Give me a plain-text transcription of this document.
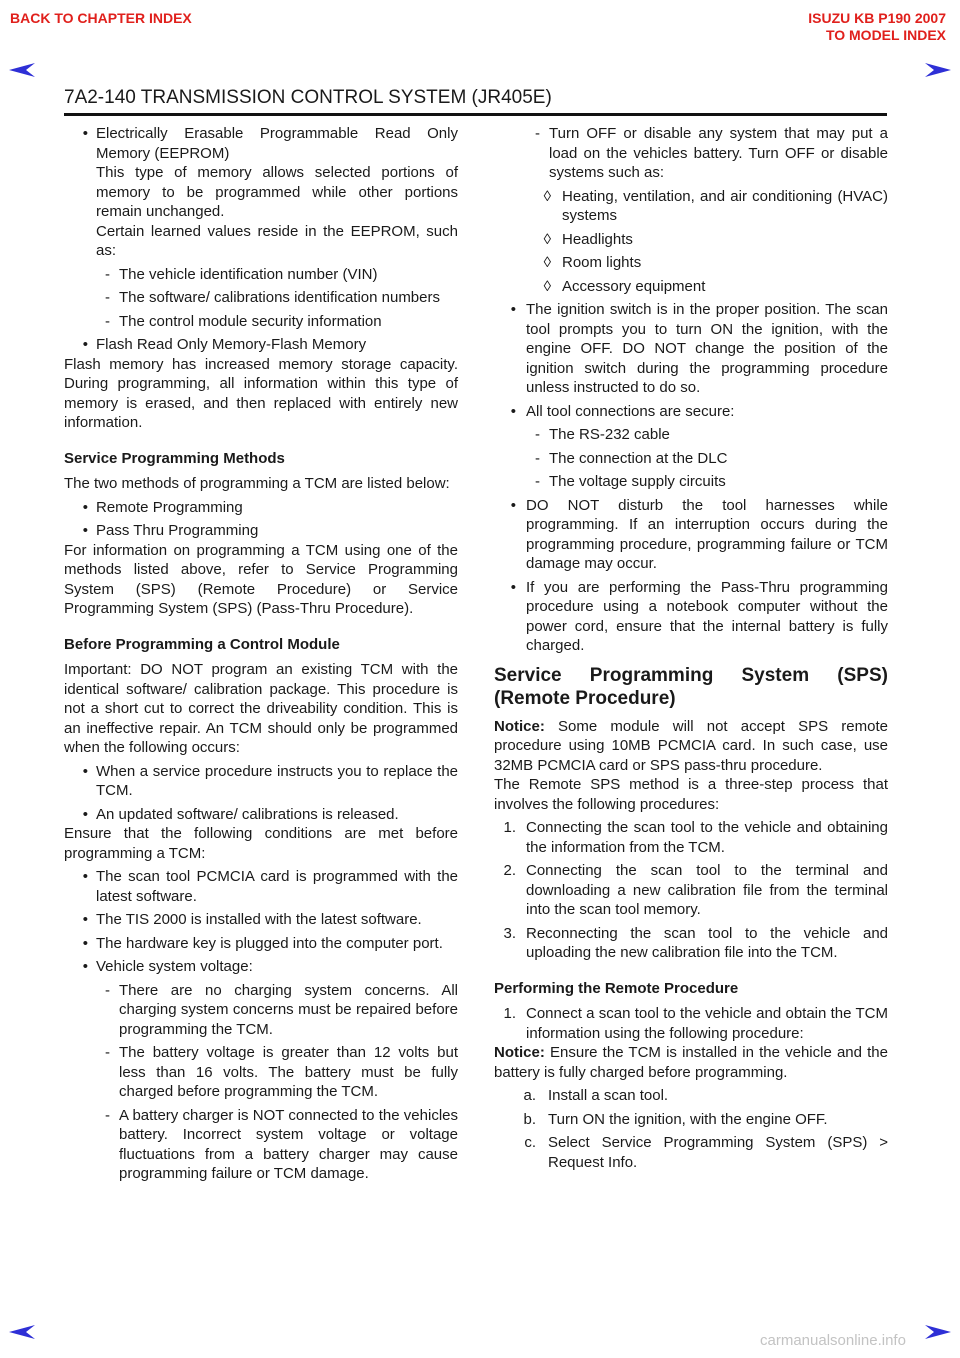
BACK TO CHAPTER INDEX	ISUZU KB P190 2007
TO MODEL INDEX
7A2-140 TRANSMISSION CONTROL SYSTEM (JR405E)
• Electrically Erasable Programmable Read Only Memory (EEPROM)
This type of memory allows selected portions of memory to be programmed while other portions remain unchanged.
Certain learned values reside in the EEPROM, such as:
- The vehicle identification number (VIN)
- The software/ calibrations identification numbers
- The control module security information
• Flash Read Only Memory-Flash Memory

Flash memory has increased memory storage capacity. During programming, all information within this type of memory is erased, and then replaced with entirely new information.

Service Programming Methods

The two methods of programming a TCM are listed below:

• Remote Programming
• Pass Thru Programming

For information on programming a TCM using one of the methods listed above, refer to Service Programming System (SPS) (Remote Procedure) or Service Programming System (SPS) (Pass-Thru Procedure).

Before Programming a Control Module

Important: DO NOT program an existing TCM with the identical software/ calibration package. This procedure is not a short cut to correct the driveability condition. This is an ineffective repair. An TCM should only be programmed when the following occurs:

• When a service procedure instructs you to replace the TCM.
• An updated software/ calibrations is released.

Ensure that the following conditions are met before programming a TCM:

• The scan tool PCMCIA card is programmed with the latest software.
• The TIS 2000 is installed with the latest software.
• The hardware key is plugged into the computer port.
• Vehicle system voltage:
- There are no charging system concerns. All charging system concerns must be repaired before programming the TCM.
- The battery voltage is greater than 12 volts but less than 16 volts. The battery must be fully charged before programming the TCM.
- A battery charger is NOT connected to the vehicles battery. Incorrect system voltage or voltage fluctuations from a battery charger may cause programming failure or TCM damage.
- Turn OFF or disable any system that may put a load on the vehicles battery. Turn OFF or disable systems such as:
◊ Heating, ventilation, and air conditioning (HVAC) systems
◊ Headlights
◊ Room lights
◊ Accessory equipment
• The ignition switch is in the proper position. The scan tool prompts you to turn ON the ignition, with the engine OFF. DO NOT change the position of the ignition switch during the programming procedure unless instructed to do so.
• All tool connections are secure:
- The RS-232 cable
- The connection at the DLC
- The voltage supply circuits
• DO NOT disturb the tool harnesses while programming. If an interruption occurs during the programming procedure, programming failure or TCM damage may occur.
• If you are performing the Pass-Thru programming procedure using a notebook computer without the power cord, ensure that the internal battery is fully charged.
Service Programming System (SPS)
(Remote Procedure)

Notice: Some module will not accept SPS remote procedure using 10MB PCMCIA card. In such case, use 32MB PCMCIA card or SPS pass-thru procedure.

The Remote SPS method is a three-step process that involves the following procedures:

1. Connecting the scan tool to the vehicle and obtaining the information from the TCM.
2. Connecting the scan tool to the terminal and downloading a new calibration file from the terminal into the scan tool memory.
3. Reconnecting the scan tool to the vehicle and uploading the new calibration file into the TCM.
Performing the Remote Procedure
1. Connect a scan tool to the vehicle and obtain the TCM information using the following procedure:

Notice: Ensure the TCM is installed in the vehicle and the battery is fully charged before programming.

a. Install a scan tool.
b. Turn ON the ignition, with the engine OFF.
c. Select Service Programming System (SPS) > Request Info.
carmanualsonline.info
